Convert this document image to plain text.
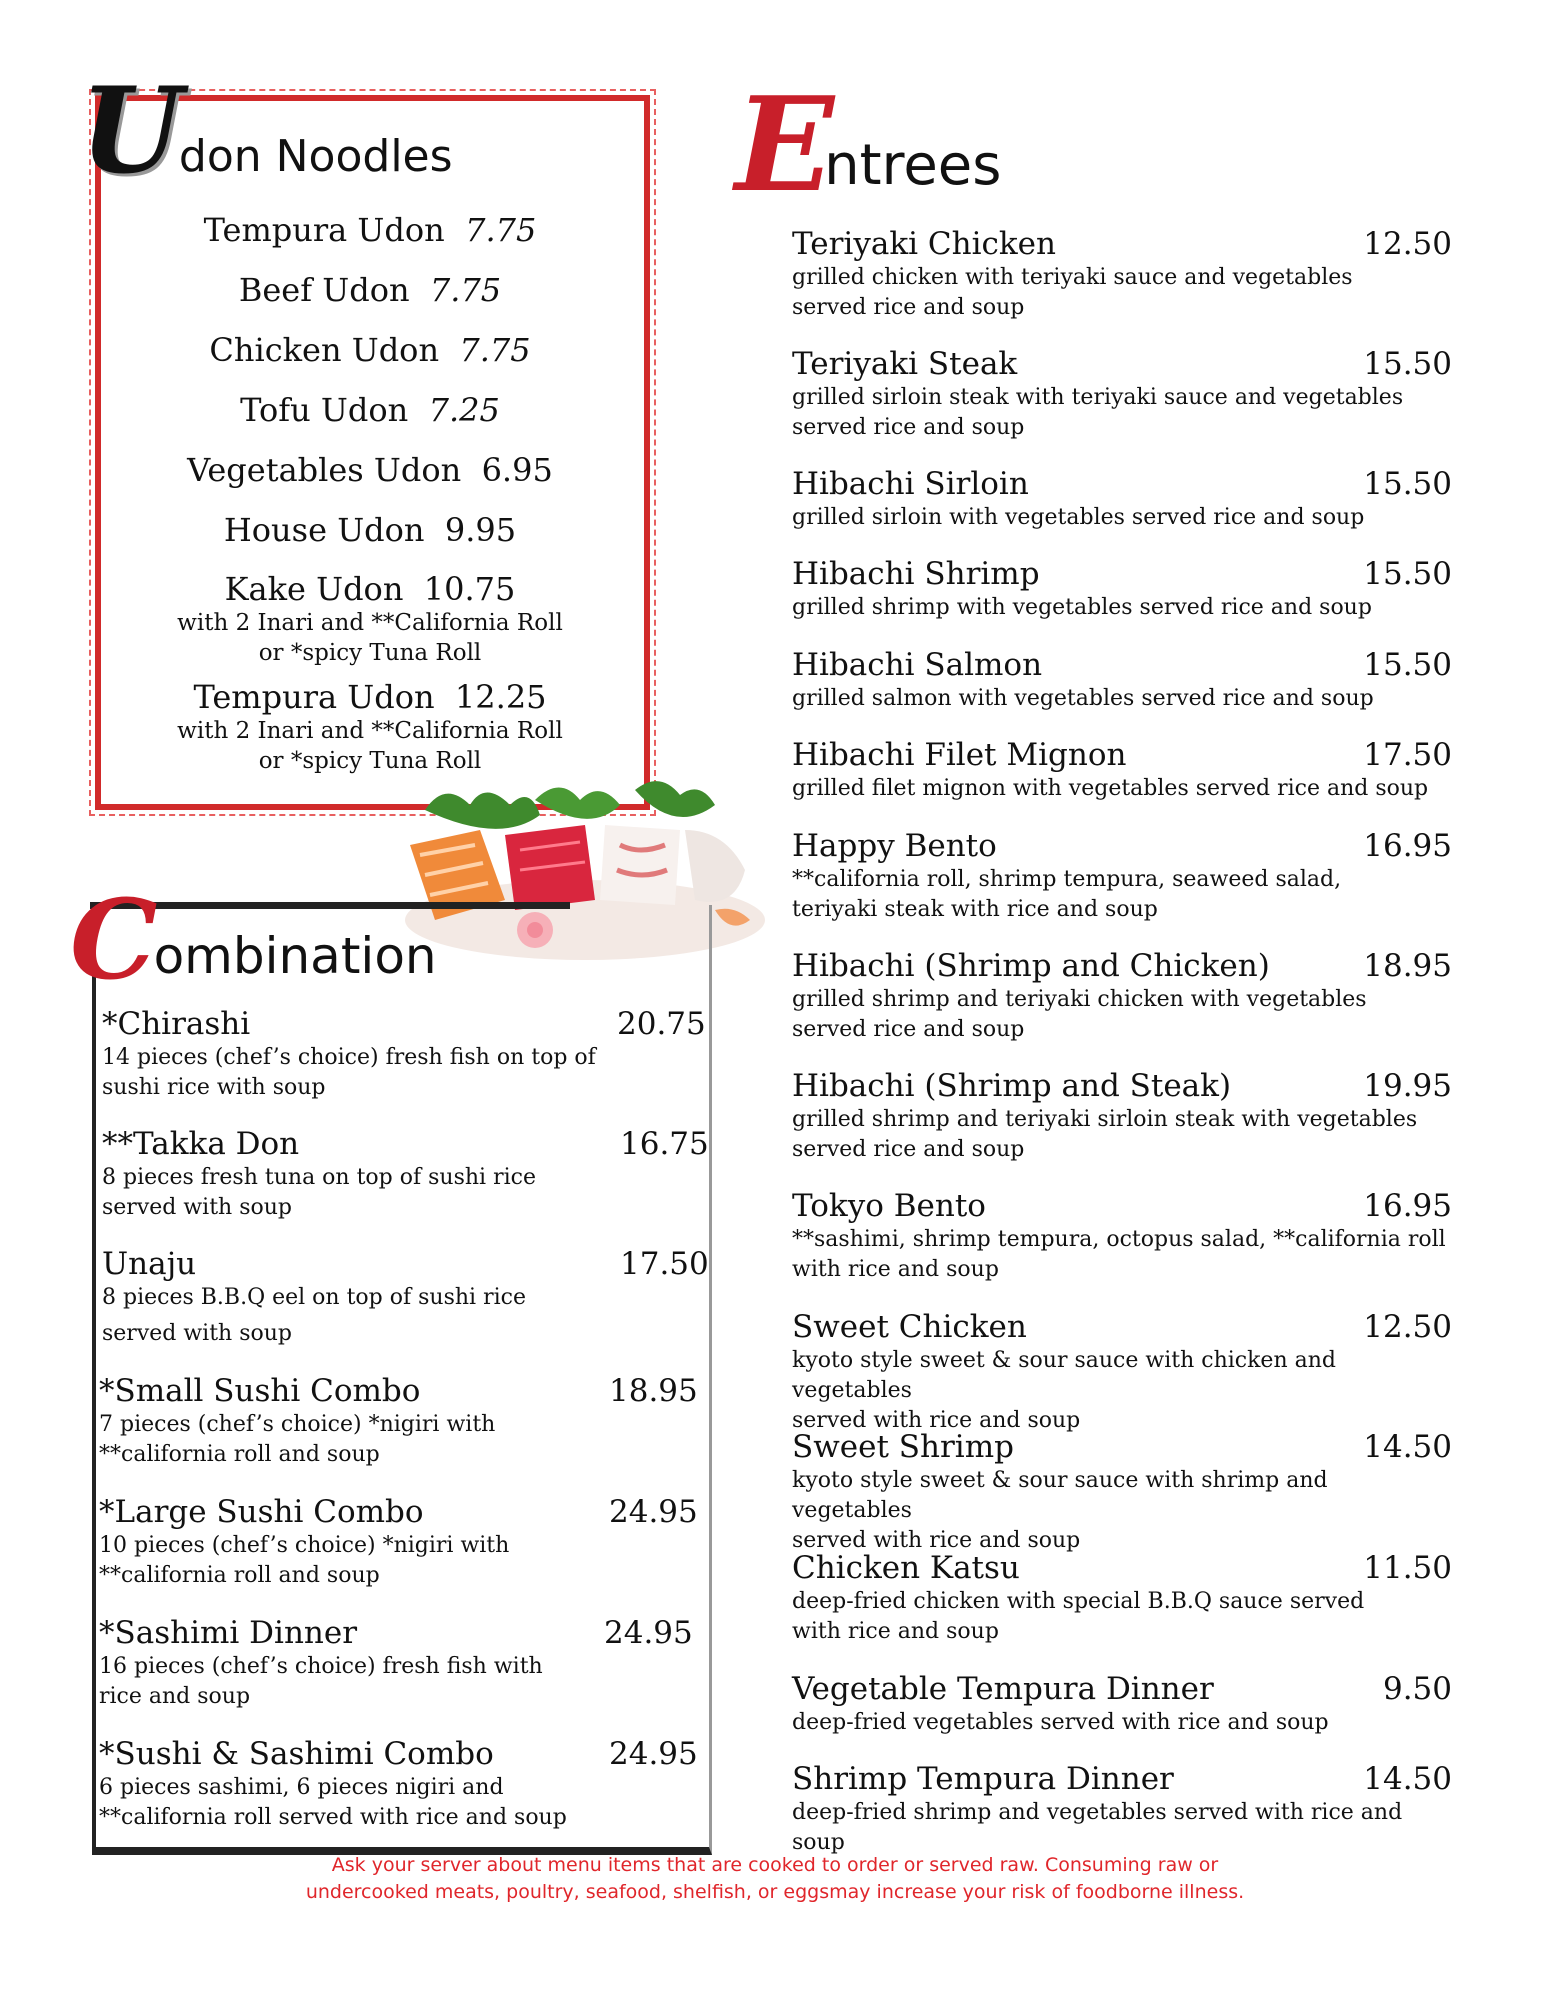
U don Noodles
Tempura Udon 7.75
Beef Udon 7.75
Chicken Udon 7.75
Tofu Udon 7.25
Vegetables Udon 6.95
House Udon 9.95
Kake Udon 10.75
with 2 Inari and **California Roll
or *spicy Tuna Roll
Tempura Udon 12.25
with 2 Inari and **California Roll
or *spicy Tuna Roll
C ombination
*Chirashi	20.75
14 pieces (chef’s choice) fresh fish on top of
sushi rice with soup
**Takka Don	16.75
8 pieces fresh tuna on top of sushi rice
served with soup
Unaju	17.50
8 pieces B.B.Q eel on top of sushi rice
served with soup
*Small Sushi Combo	18.95
7 pieces (chef’s choice) *nigiri with
**california roll and soup
*Large Sushi Combo	24.95
10 pieces (chef’s choice) *nigiri with
**california roll and soup
*Sashimi Dinner	24.95
16 pieces (chef’s choice) fresh fish with
rice and soup
*Sushi & Sashimi Combo	24.95
6 pieces sashimi, 6 pieces nigiri and
**california roll served with rice and soup
E
ntrees
Teriyaki Chicken	12.50
grilled chicken with teriyaki sauce and vegetables
served rice and soup
Teriyaki Steak	15.50
grilled sirloin steak with teriyaki sauce and vegetables
served rice and soup
Hibachi Sirloin	15.50
grilled sirloin with vegetables served rice and soup
Hibachi Shrimp	15.50
grilled shrimp with vegetables served rice and soup
Hibachi Salmon	15.50
grilled salmon with vegetables served rice and soup
Hibachi Filet Mignon	17.50
grilled filet mignon with vegetables served rice and soup
Happy Bento	16.95
**california roll, shrimp tempura, seaweed salad,
teriyaki steak with rice and soup
Hibachi (Shrimp and Chicken)	18.95
grilled shrimp and teriyaki chicken with vegetables
served rice and soup
Hibachi (Shrimp and Steak)	19.95
grilled shrimp and teriyaki sirloin steak with vegetables
served rice and soup
Tokyo Bento	16.95
**sashimi, shrimp tempura, octopus salad, **california roll
with rice and soup
Sweet Chicken	12.50
kyoto style sweet & sour sauce with chicken and vegetables
served with rice and soup
Sweet Shrimp	14.50
kyoto style sweet & sour sauce with shrimp and vegetables
served with rice and soup
Chicken Katsu	11.50
deep-fried chicken with special B.B.Q sauce served
with rice and soup
Vegetable Tempura Dinner	9.50
deep-fried vegetables served with rice and soup
Shrimp Tempura Dinner	14.50
deep-fried shrimp and vegetables served with rice and soup
Ask your server about menu items that are cooked to order or served raw. Consuming raw or
undercooked meats, poultry, seafood, shelfish, or eggsmay increase your risk of foodborne illness.
